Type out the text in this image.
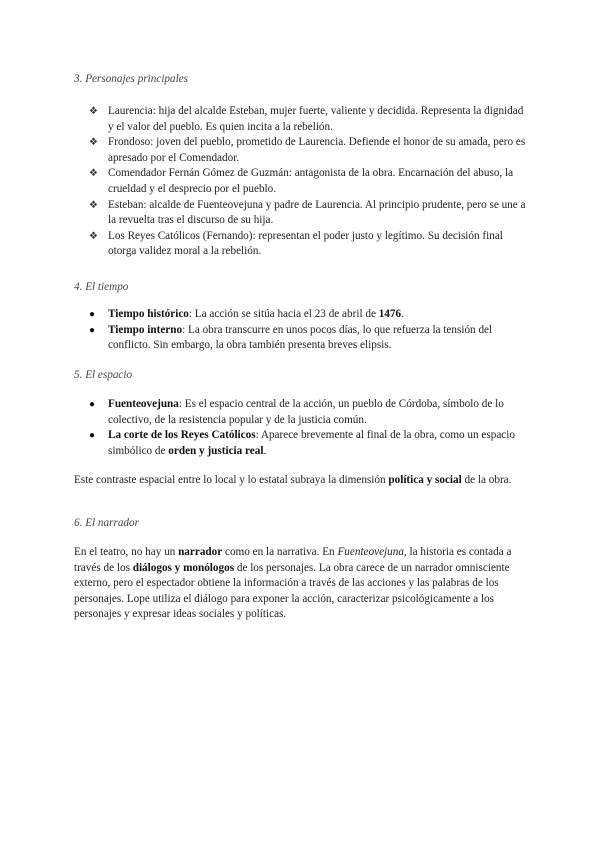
3. Personajes principales

❖ Laurencia: hija del alcalde Esteban, mujer fuerte, valiente y decidida. Representa la dignidad y el valor del pueblo. Es quien incita a la rebelión.
❖ Frondoso: joven del pueblo, prometido de Laurencia. Defiende el honor de su amada, pero es apresado por el Comendador.
❖ Comendador Fernán Gómez de Guzmán: antagonista de la obra. Encarnación del abuso, la crueldad y el desprecio por el pueblo.
❖ Esteban: alcalde de Fuenteovejuna y padre de Laurencia. Al principio prudente, pero se une a la revuelta tras el discurso de su hija.
❖ Los Reyes Católicos (Fernando): representan el poder justo y legítimo. Su decisión final otorga validez moral a la rebelión.

4. El tiempo

● Tiempo histórico: La acción se sitúa hacia el 23 de abril de 1476.
● Tiempo interno: La obra transcurre en unos pocos días, lo que refuerza la tensión del conflicto. Sin embargo, la obra también presenta breves elipsis.

5. El espacio

● Fuenteovejuna: Es el espacio central de la acción, un pueblo de Córdoba, símbolo de lo colectivo, de la resistencia popular y de la justicia común.
● La corte de los Reyes Católicos: Aparece brevemente al final de la obra, como un espacio simbólico de orden y justicia real.

Este contraste espacial entre lo local y lo estatal subraya la dimensión política y social de la obra.

6. El narrador

En el teatro, no hay un narrador como en la narrativa. En Fuenteovejuna, la historia es contada a través de los diálogos y monólogos de los personajes. La obra carece de un narrador omnisciente externo, pero el espectador obtiene la información a través de las acciones y las palabras de los personajes. Lope utiliza el diálogo para exponer la acción, caracterizar psicológicamente a los personajes y expresar ideas sociales y políticas.
